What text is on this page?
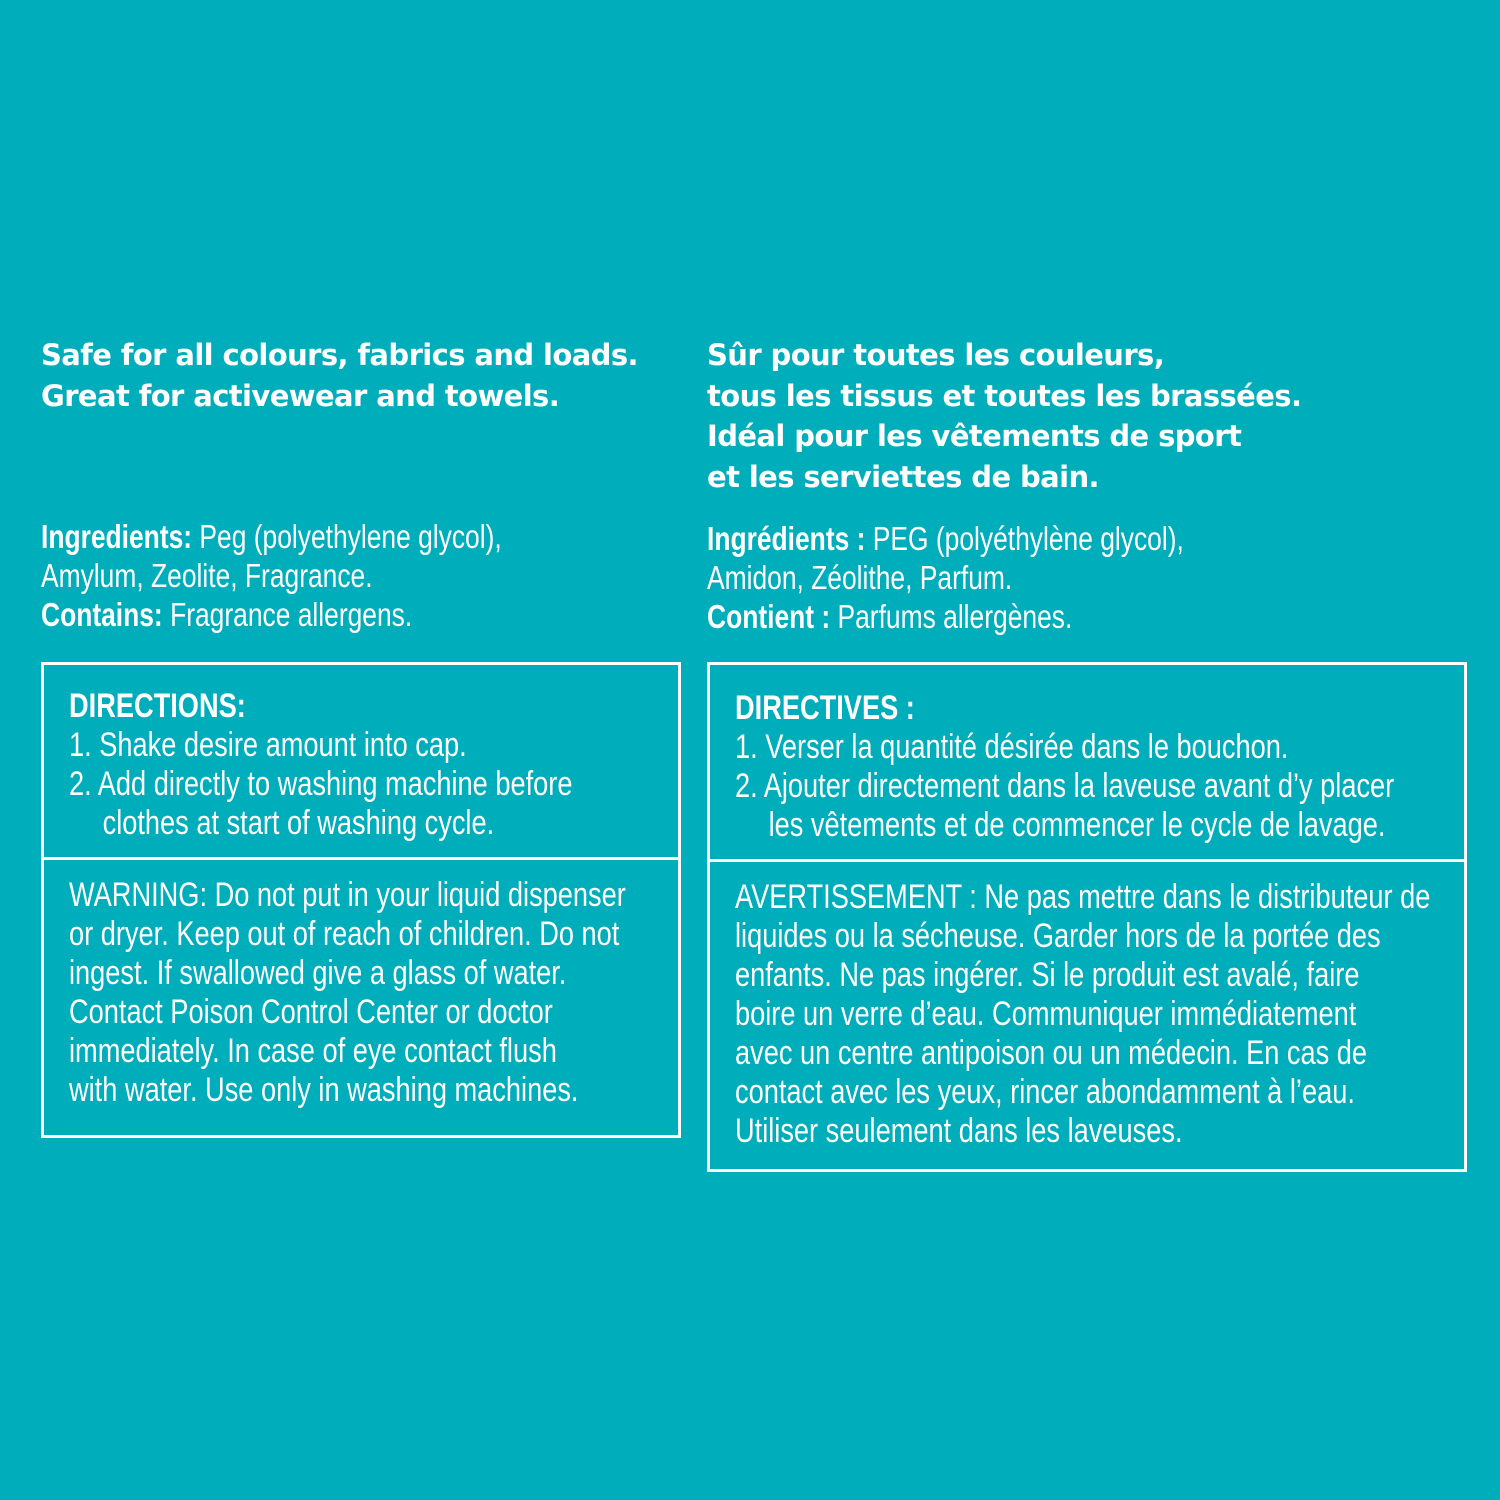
Safe for all colours, fabrics and loads.
Great for activewear and towels.

Ingredients: Peg (polyethylene glycol),
Amylum, Zeolite, Fragrance.
Contains: Fragrance allergens.

DIRECTIONS:
1. Shake desire amount into cap.
2. Add directly to washing machine before
clothes at start of washing cycle.

WARNING: Do not put in your liquid dispenser
or dryer. Keep out of reach of children. Do not
ingest. If swallowed give a glass of water.
Contact Poison Control Center or doctor
immediately. In case of eye contact flush
with water. Use only in washing machines.

Sûr pour toutes les couleurs,
tous les tissus et toutes les brassées.
Idéal pour les vêtements de sport
et les serviettes de bain.

Ingrédients : PEG (polyéthylène glycol),
Amidon, Zéolithe, Parfum.
Contient : Parfums allergènes.

DIRECTIVES :
1. Verser la quantité désirée dans le bouchon.
2. Ajouter directement dans la laveuse avant d’y placer
les vêtements et de commencer le cycle de lavage.

AVERTISSEMENT : Ne pas mettre dans le distributeur de
liquides ou la sécheuse. Garder hors de la portée des
enfants. Ne pas ingérer. Si le produit est avalé, faire
boire un verre d’eau. Communiquer immédiatement
avec un centre antipoison ou un médecin. En cas de
contact avec les yeux, rincer abondamment à l’eau.
Utiliser seulement dans les laveuses.
